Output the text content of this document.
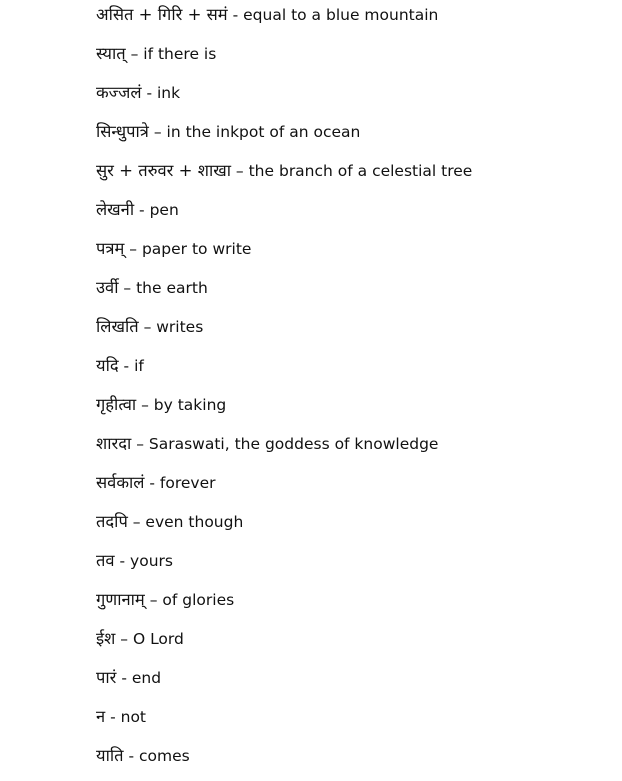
असित + गिरि + समं - equal to a blue mountain
स्यात् – if there is
कज्जलं - ink
सिन्धुपात्रे – in the inkpot of an ocean
सुर + तरुवर + शाखा – the branch of a celestial tree
लेखनी - pen
पत्रम् – paper to write
उर्वी – the earth
लिखति – writes
यदि - if
गृहीत्वा – by taking
शारदा – Saraswati, the goddess of knowledge
सर्वकालं - forever
तदपि – even though
तव - yours
गुणानाम् – of glories
ईश – O Lord
पारं - end
न - not
याति - comes
